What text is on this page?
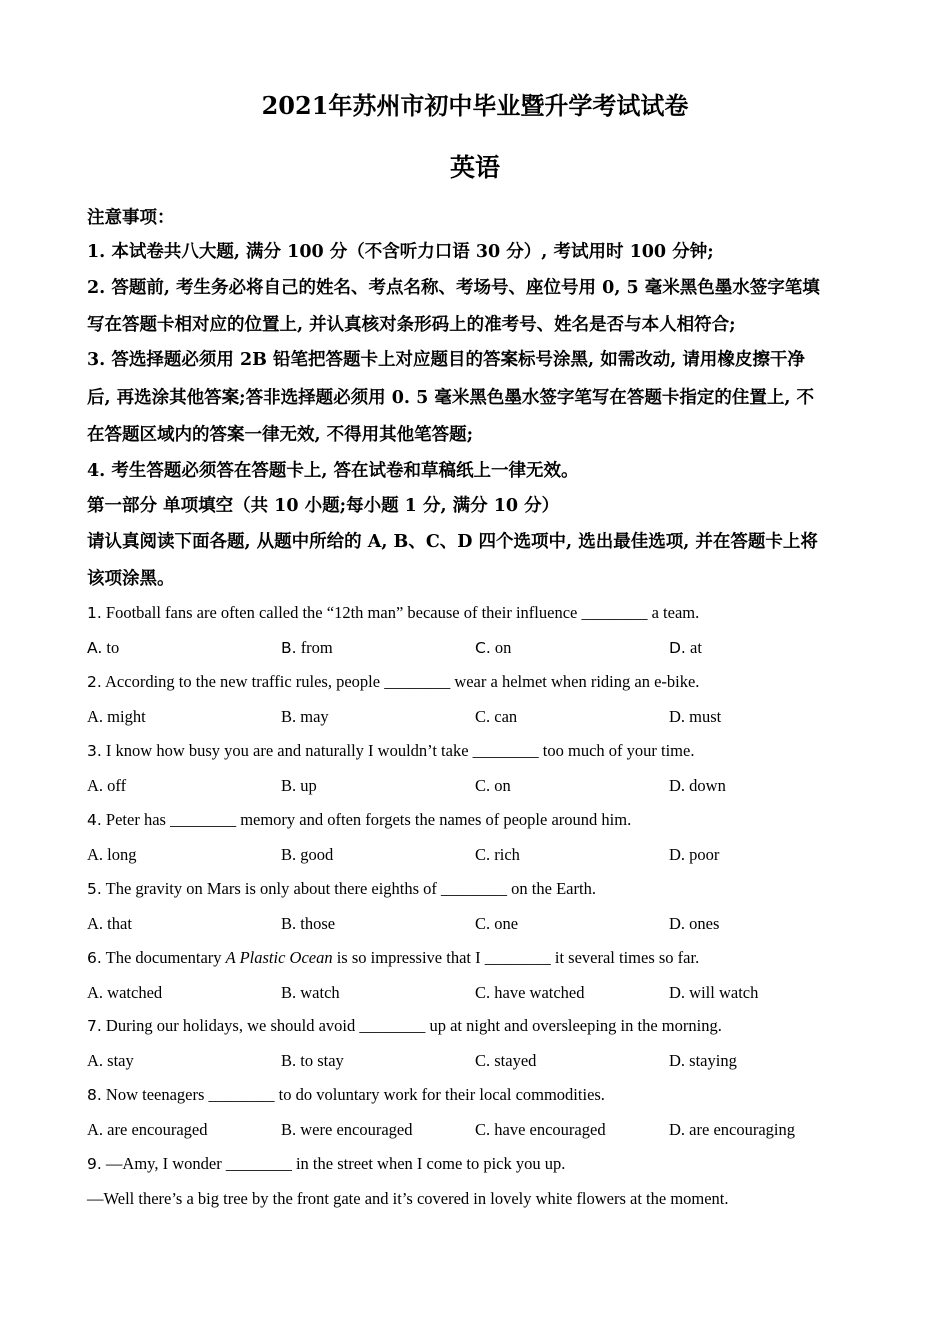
2021年苏州市初中毕业暨升学考试试卷
英语
注意事项：
1. 本试卷共八大题, 满分 100 分（不含听力口语 30 分）, 考试用时 100 分钟;
2. 答题前, 考生务必将自己的姓名、考点名称、考场号、座位号用 0, 5 毫米黑色墨水签字笔填
写在答题卡相对应的位置上, 并认真核对条形码上的准考号、姓名是否与本人相符合;
3. 答选择题必须用 2B 铅笔把答题卡上对应题目的答案标号涂黑, 如需改动, 请用橡皮擦干净
后, 再选涂其他答案;答非选择题必须用 0. 5 毫米黑色墨水签字笔写在答题卡指定的住置上, 不
在答题区域内的答案一律无效, 不得用其他笔答题;
4. 考生答题必须答在答题卡上, 答在试卷和草稿纸上一律无效。
第一部分 单项填空（共 10 小题;每小题 1 分, 满分 10 分）
请认真阅读下面各题, 从题中所给的 A, B、C、D 四个选项中, 选出最佳选项, 并在答题卡上将
该项涂黑。
1. Football fans are often called the “12th man” because of their influence ________ a team.
A. to	B. from	C. on	D. at
2. According to the new traffic rules, people ________ wear a helmet when riding an e-bike.
A. might	B. may	C. can	D. must
3. I know how busy you are and naturally I wouldn’t take ________ too much of your time.
A. off	B. up	C. on	D. down
4. Peter has ________ memory and often forgets the names of people around him.
A. long	B. good	C. rich	D. poor
5. The gravity on Mars is only about there eighths of ________ on the Earth.
A. that	B. those	C. one	D. ones
6. The documentary A Plastic Ocean is so impressive that I ________ it several times so far.
A. watched	B. watch	C. have watched	D. will watch
7. During our holidays, we should avoid ________ up at night and oversleeping in the morning.
A. stay	B. to stay	C. stayed	D. staying
8. Now teenagers ________ to do voluntary work for their local commodities.
A. are encouraged	B. were encouraged	C. have encouraged	D. are encouraging
9. —Amy, I wonder ________ in the street when I come to pick you up.
—Well there’s a big tree by the front gate and it’s covered in lovely white flowers at the moment.
